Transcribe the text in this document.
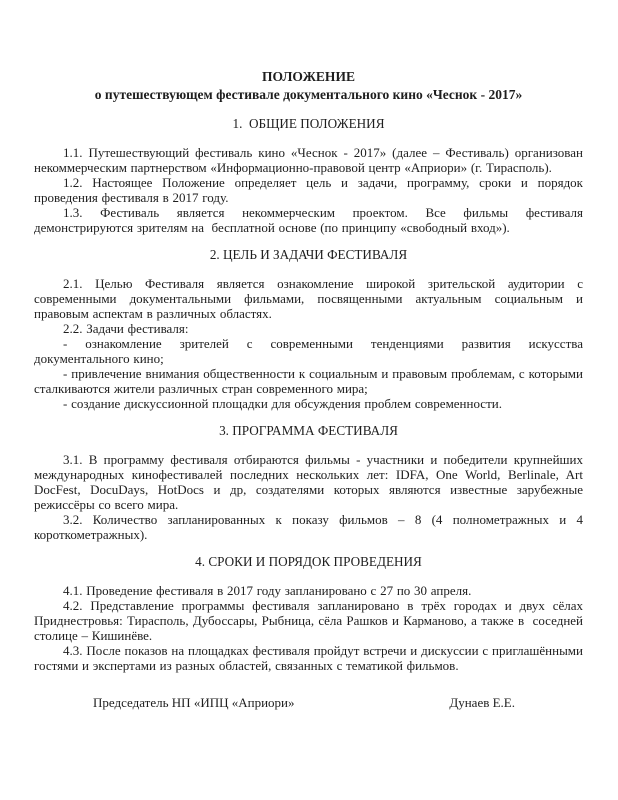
ПОЛОЖЕНИЕ
о путешествующем фестивале документального кино «Чеснок - 2017»
1.  ОБЩИЕ ПОЛОЖЕНИЯ

1.1. Путешествующий фестиваль кино «Чеснок - 2017» (далее – Фестиваль) организован некоммерческим партнерством «Информационно-правовой центр «Априори» (г. Тирасполь).

1.2. Настоящее Положение определяет цель и задачи, программу, сроки и порядок проведения фестиваля в 2017 году.

1.3. Фестиваль является некоммерческим проектом. Все фильмы фестиваля демонстрируются зрителям на  бесплатной основе (по принципу «свободный вход»).

2. ЦЕЛЬ И ЗАДАЧИ ФЕСТИВАЛЯ

2.1. Целью Фестиваля является ознакомление широкой зрительской аудитории с современными документальными фильмами, посвященными актуальным социальным и правовым аспектам в различных областях.

2.2. Задачи фестиваля:

- ознакомление зрителей с современными тенденциями развития искусства документального кино;

- привлечение внимания общественности к социальным и правовым проблемам, с которыми сталкиваются жители различных стран современного мира;

- создание дискуссионной площадки для обсуждения проблем современности.

3. ПРОГРАММА ФЕСТИВАЛЯ

3.1. В программу фестиваля отбираются фильмы - участники и победители крупнейших международных кинофестивалей последних нескольких лет: IDFA, One World, Berlinale, Art DocFest, DocuDays, HotDocs и др, создателями которых являются известные зарубежные режиссёры со всего мира.

3.2. Количество запланированных к показу фильмов – 8 (4 полнометражных и 4 короткометражных).

4. СРОКИ И ПОРЯДОК ПРОВЕДЕНИЯ

4.1. Проведение фестиваля в 2017 году запланировано с 27 по 30 апреля.

4.2. Представление программы фестиваля запланировано в трёх городах и двух сёлах Приднестровья: Тирасполь, Дубоссары, Рыбница, сёла Рашков и Карманово, а также в  соседней столице – Кишинёве.

4.3. После показов на площадках фестиваля пройдут встречи и дискуссии с приглашёнными гостями и экспертами из разных областей, связанных с тематикой фильмов.

Председатель НП «ИПЦ «Априори»	Дунаев Е.Е.
